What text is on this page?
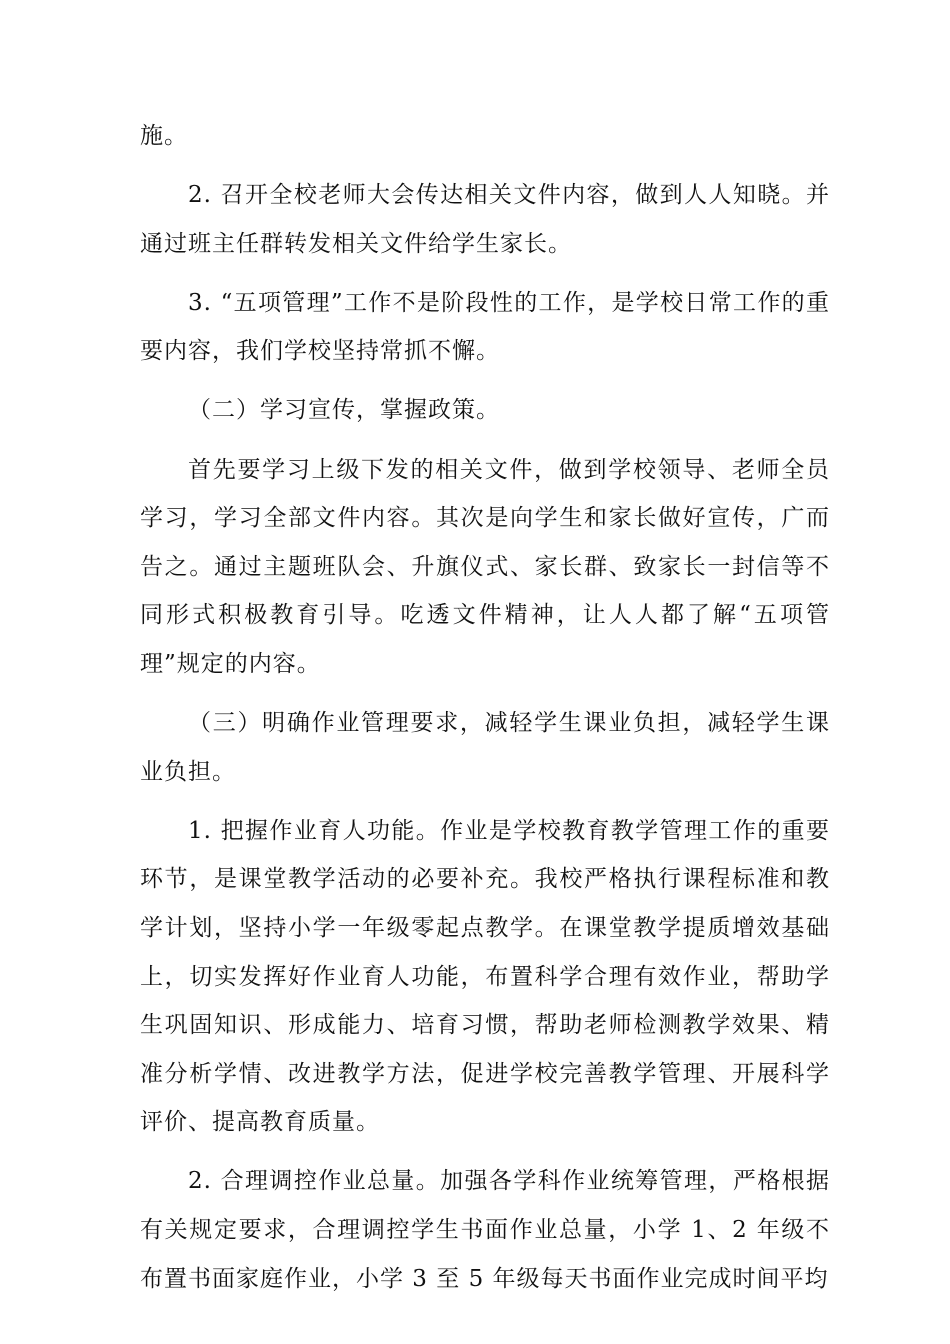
施。

2. 召开全校老师大会传达相关文件内容，做到人人知晓。并通过班主任群转发相关文件给学生家长。

3. “五项管理”工作不是阶段性的工作，是学校日常工作的重要内容，我们学校坚持常抓不懈。

（二）学习宣传，掌握政策。

首先要学习上级下发的相关文件，做到学校领导、老师全员学习，学习全部文件内容。其次是向学生和家长做好宣传，广而告之。通过主题班队会、升旗仪式、家长群、致家长一封信等不同形式积极教育引导。吃透文件精神，让人人都了解“五项管理”规定的内容。

（三）明确作业管理要求，减轻学生课业负担，减轻学生课业负担。

1. 把握作业育人功能。作业是学校教育教学管理工作的重要环节，是课堂教学活动的必要补充。我校严格执行课程标准和教学计划，坚持小学一年级零起点教学。在课堂教学提质增效基础上，切实发挥好作业育人功能，布置科学合理有效作业，帮助学生巩固知识、形成能力、培育习惯，帮助老师检测教学效果、精准分析学情、改进教学方法，促进学校完善教学管理、开展科学评价、提高教育质量。

2. 合理调控作业总量。加强各学科作业统筹管理，严格根据有关规定要求，合理调控学生书面作业总量，小学 1、2 年级不布置书面家庭作业，小学 3 至 5 年级每天书面作业完成时间平均
